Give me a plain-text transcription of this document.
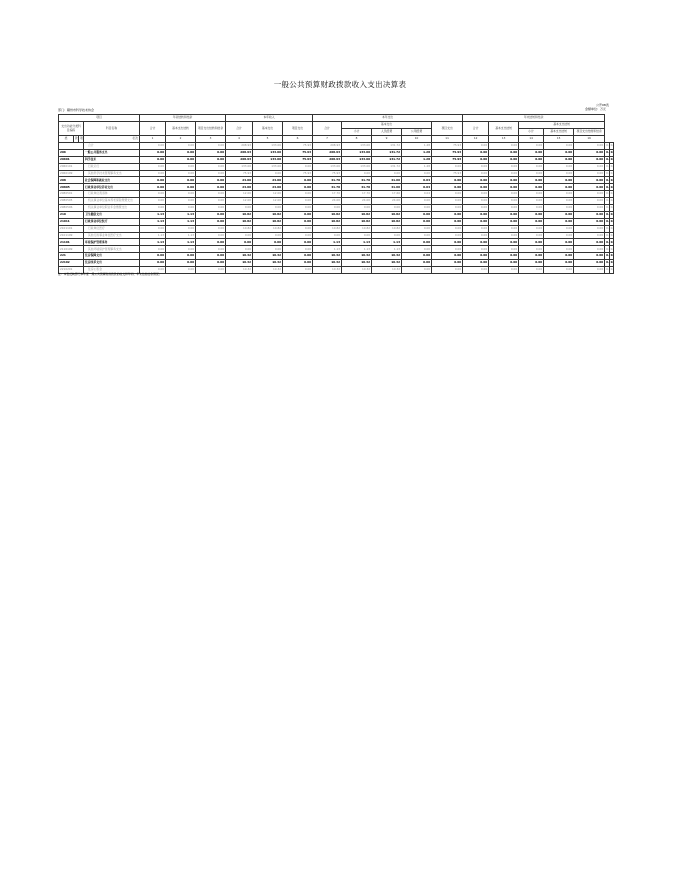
一般公共预算财政拨款收入支出决算表
公开08表
金额单位：万元
部门：赣州市科学技术协会
项目				年初结转和结余			本年收入			本年支出					年末结转和结余						
支出功能分类科目编码			科目名称	合计	基本支出结转	项目支出结转和结余	合计	基本支出	项目支出	合计	基本支出			项目支出	合计	基本支出结转	基本支出结转				
											小计	人员经费	公用经费				小计	基本支出结转	项目支出结转和结余		

类	款	项	栏次	1	2	3	4	5	6	7	8	9	10	11	12	13	14	15	16		
			合计	0.00	0.00	0.00	208.93	133.00	75.93	208.93	133.00	131.72	1.28	75.93	0.00	0.00	0.00	0.00	0.00	0.	0.
206			一般公共服务支出	0.00	0.00	0.00	208.93	133.00	75.93	208.93	133.00	131.72	1.28	75.93	0.00	0.00	0.00	0.00	0.00	0.	0.
20601			科学技术	0.00	0.00	0.00	208.93	133.00	75.93	208.93	133.00	131.72	1.28	75.93	0.00	0.00	0.00	0.00	0.00	0.	0.
2060101			行政运行	0.00	0.00	0.00	133.00	133.00	0.00	133.00	133.00	131.72	1.28	0.00	0.00	0.00	0.00	0.00	0.00	0.	0.
2060199			其他科学技术管理事务支出	0.00	0.00	0.00	75.93	0.00	75.93	75.93	0.00	0.00	0.00	75.93	0.00	0.00	0.00	0.00	0.00	0.	0.
208			社会保障和就业支出	0.00	0.00	0.00	24.00	24.00	0.00	41.70	41.70	41.66	0.04	0.00	0.00	0.00	0.00	0.00	0.00	0.	0.
20805			行政事业单位养老支出	0.00	0.00	0.00	24.00	24.00	0.00	41.70	41.70	41.66	0.04	0.00	0.00	0.00	0.00	0.00	0.00	0.	0.
2080501			行政单位离退休	0.00	0.00	0.00	12.00	12.00	0.00	17.70	17.70	17.66	0.04	0.00	0.00	0.00	0.00	0.00	0.00	0.	0.
2080505			机关事业单位基本养老保险缴费支出	0.00	0.00	0.00	12.00	12.00	0.00	24.00	24.00	24.00	0.00	0.00	0.00	0.00	0.00	0.00	0.00	0.	0.
2080506			机关事业单位职业年金缴费支出	0.00	0.00	0.00	0.00	0.00	0.00	0.00	0.00	0.00	0.00	0.00	0.00	0.00	0.00	0.00	0.00	0.	0.
210			卫生健康支出	1.13	1.13	0.00	10.82	10.82	0.00	10.82	10.82	10.82	0.00	0.00	0.00	0.00	0.00	0.00	0.00	0.	0.
21011			行政事业单位医疗	1.13	1.13	0.00	10.82	10.82	0.00	10.82	10.82	10.82	0.00	0.00	0.00	0.00	0.00	0.00	0.00	0.	0.
2101101			行政单位医疗	0.00	0.00	0.00	10.82	10.82	0.00	10.82	10.82	10.82	0.00	0.00	0.00	0.00	0.00	0.00	0.00	0.	0.
2101199			其他行政事业单位医疗支出	1.13	1.13	0.00	0.00	0.00	0.00	0.00	0.00	0.00	0.00	0.00	0.00	0.00	0.00	0.00	0.00	0.	0.
21101			环境保护管理事务	1.13	1.13	0.00	0.00	0.00	0.00	1.13	1.13	1.13	0.00	0.00	0.00	0.00	0.00	0.00	0.00	0.	0.
2110199			其他环境保护管理事务支出	0.00	0.00	0.00	0.00	0.00	0.00	1.13	1.13	1.13	0.00	0.00	0.00	0.00	0.00	0.00	0.00	0.	0.
221			住房保障支出	0.00	0.00	0.00	10.32	10.32	0.00	10.32	10.32	10.32	0.00	0.00	0.00	0.00	0.00	0.00	0.00	0.	0.
22102			住房改革支出	0.00	0.00	0.00	10.32	10.32	0.00	10.32	10.32	10.32	0.00	0.00	0.00	0.00	0.00	0.00	0.00	0.	0.
2210201			住房公积金	0.00	0.00	0.00	10.32	10.32	0.00	10.32	10.32	10.32	0.00	0.00	0.00	0.00	0.00	0.00	0.00	0.	0.
注：本表反映部门本年度一般公共预算财政拨款的收支和年初、年末结转结余情况。
